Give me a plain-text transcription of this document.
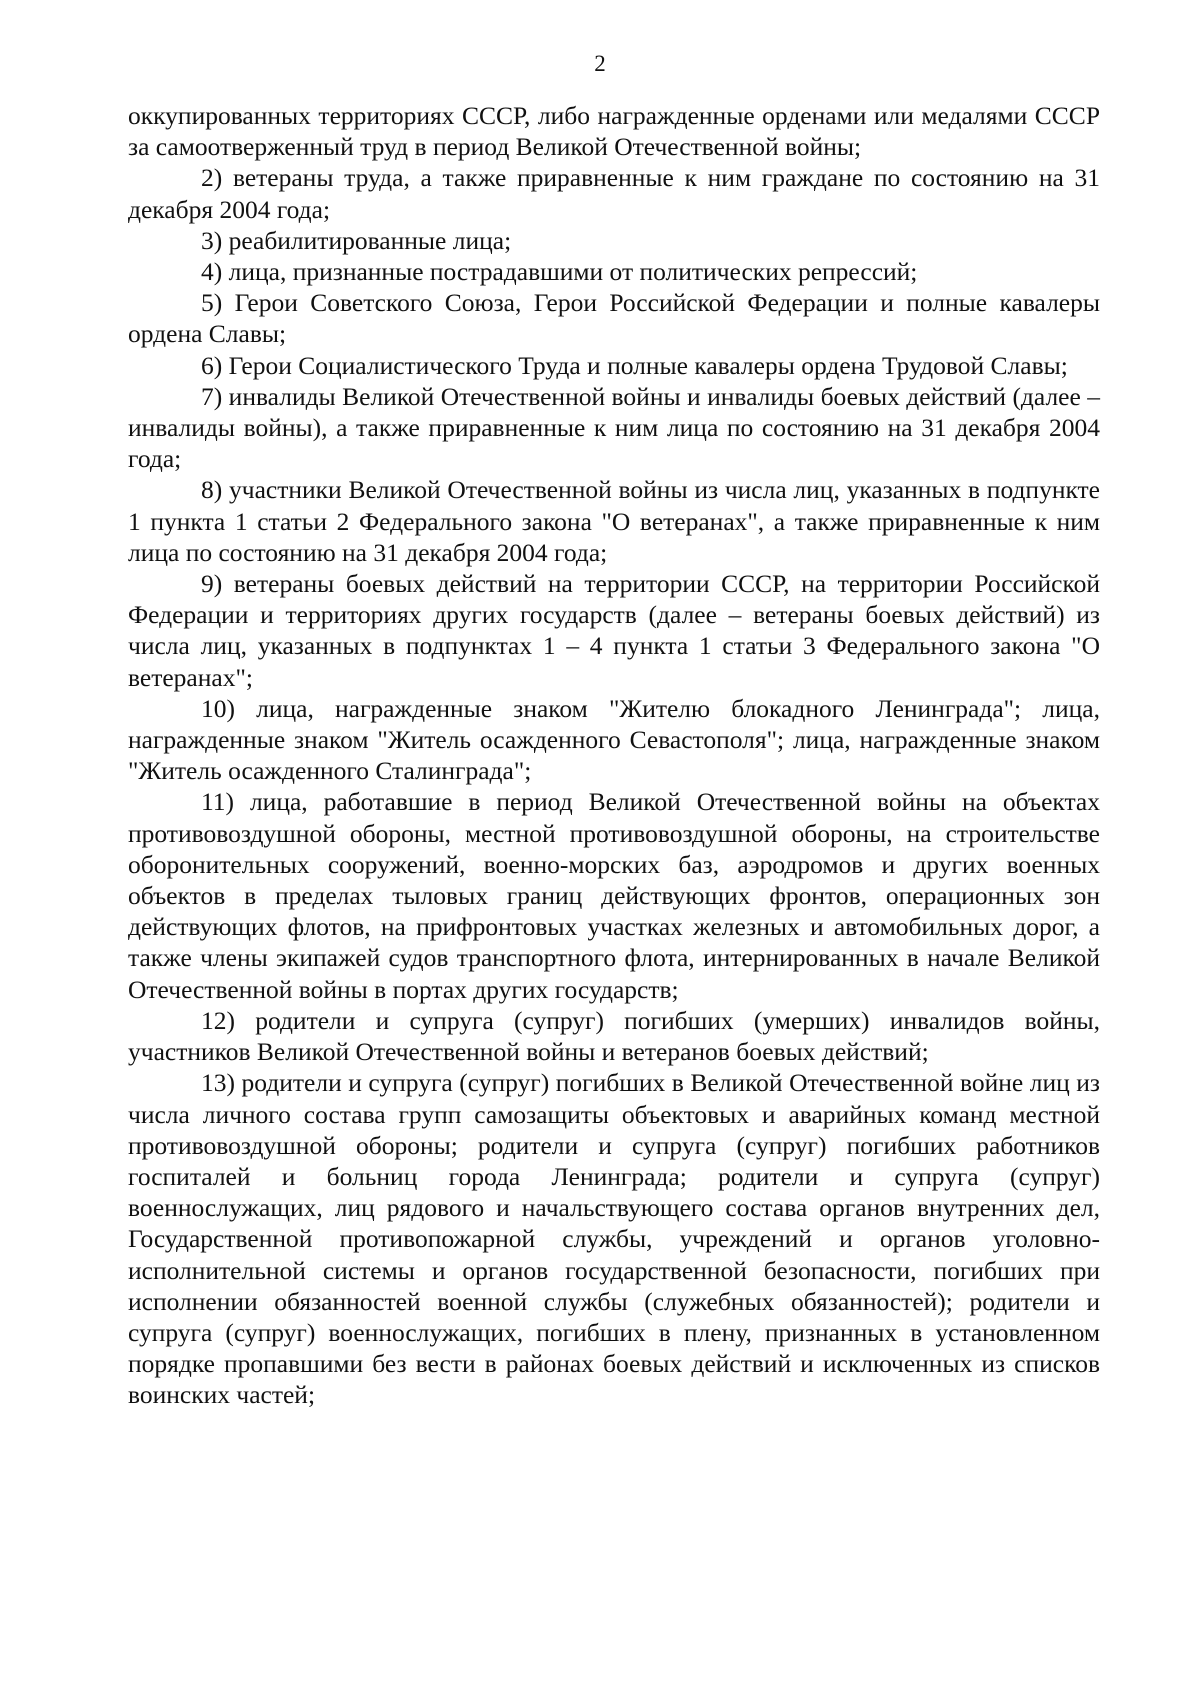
2

оккупированных территориях СССР, либо награжденные орденами или медалями СССР за самоотверженный труд в период Великой Отечественной войны;

2) ветераны труда, а также приравненные к ним граждане по состоянию на 31 декабря 2004 года;

3) реабилитированные лица;

4) лица, признанные пострадавшими от политических репрессий;

5) Герои Советского Союза, Герои Российской Федерации и полные кавалеры ордена Славы;

6) Герои Социалистического Труда и полные кавалеры ордена Трудовой Славы;

7) инвалиды Великой Отечественной войны и инвалиды боевых действий (далее – инвалиды войны), а также приравненные к ним лица по состоянию на 31 декабря 2004 года;

8) участники Великой Отечественной войны из числа лиц, указанных в подпункте 1 пункта 1 статьи 2 Федерального закона "О ветеранах", а также приравненные к ним лица по состоянию на 31 декабря 2004 года;

9) ветераны боевых действий на территории СССР, на территории Российской Федерации и территориях других государств (далее – ветераны боевых действий) из числа лиц, указанных в подпунктах 1 – 4 пункта 1 статьи 3 Федерального закона "О ветеранах";

10) лица, награжденные знаком "Жителю блокадного Ленинграда"; лица, награжденные знаком "Житель осажденного Севастополя"; лица, награжденные знаком "Житель осажденного Сталинграда";

11) лица, работавшие в период Великой Отечественной войны на объектах противовоздушной обороны, местной противовоздушной обороны, на строительстве оборонительных сооружений, военно-морских баз, аэродромов и других военных объектов в пределах тыловых границ действующих фронтов, операционных зон действующих флотов, на прифронтовых участках железных и автомобильных дорог, а также члены экипажей судов транспортного флота, интернированных в начале Великой Отечественной войны в портах других государств;

12) родители и супруга (супруг) погибших (умерших) инвалидов войны, участников Великой Отечественной войны и ветеранов боевых действий;

13) родители и супруга (супруг) погибших в Великой Отечественной войне лиц из числа личного состава групп самозащиты объектовых и аварийных команд местной противовоздушной обороны; родители и супруга (супруг) погибших работников госпиталей и больниц города Ленинграда; родители и супруга (супруг) военнослужащих, лиц рядового и начальствующего состава органов внутренних дел, Государственной противопожарной службы, учреждений и органов уголовно-исполнительной системы и органов государственной безопасности, погибших при исполнении обязанностей военной службы (служебных обязанностей); родители и супруга (супруг) военнослужащих, погибших в плену, признанных в установленном порядке пропавшими без вести в районах боевых действий и исключенных из списков воинских частей;
